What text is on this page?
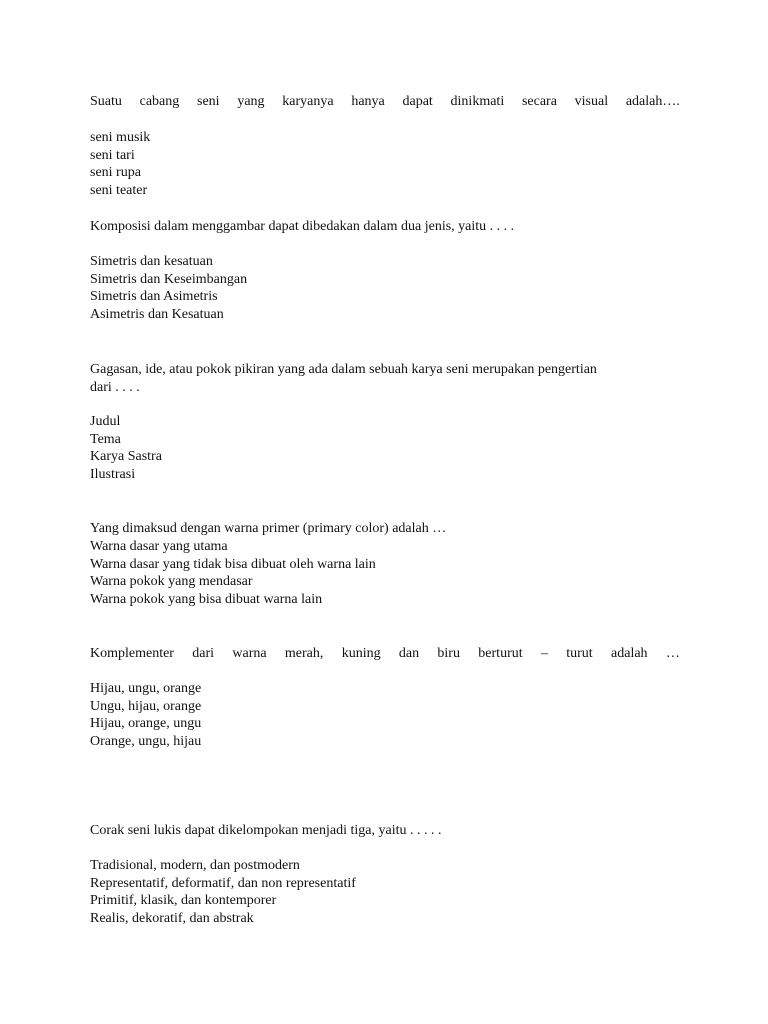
Suatu cabang seni yang karyanya hanya dapat dinikmati secara visual adalah….

seni musik
seni tari
seni rupa
seni teater

Komposisi dalam menggambar dapat dibedakan dalam dua jenis, yaitu . . . .

Simetris dan kesatuan
Simetris dan Keseimbangan
Simetris dan Asimetris
Asimetris dan Kesatuan

Gagasan, ide, atau pokok pikiran yang ada dalam sebuah karya seni merupakan pengertian

dari . . . .

Judul
Tema
Karya Sastra
Ilustrasi

Yang dimaksud dengan warna primer (primary color) adalah …

Warna dasar yang utama
Warna dasar yang tidak bisa dibuat oleh warna lain
Warna pokok yang mendasar
Warna pokok yang bisa dibuat warna lain

Komplementer dari warna merah, kuning dan biru berturut – turut adalah …

Hijau, ungu, orange
Ungu, hijau, orange
Hijau, orange, ungu
Orange, ungu, hijau

Corak seni lukis dapat dikelompokan menjadi tiga, yaitu . . . . .

Tradisional, modern, dan postmodern
Representatif, deformatif, dan non representatif
Primitif, klasik, dan kontemporer
Realis, dekoratif, dan abstrak
